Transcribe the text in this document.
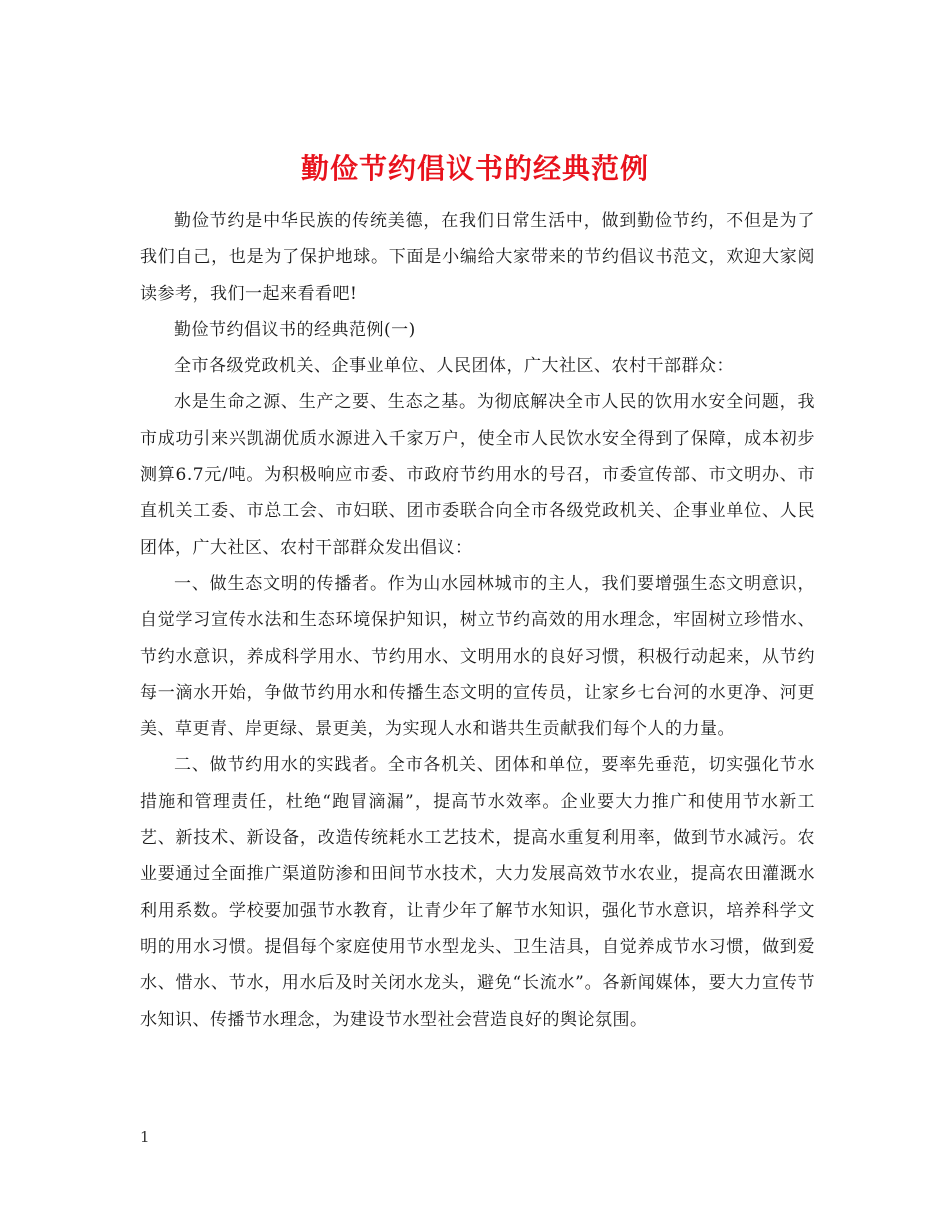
勤俭节约倡议书的经典范例

勤俭节约是中华民族的传统美德，在我们日常生活中，做到勤俭节约，不但是为了我们自己，也是为了保护地球。下面是小编给大家带来的节约倡议书范文，欢迎大家阅读参考，我们一起来看看吧!

勤俭节约倡议书的经典范例(一)

全市各级党政机关、企事业单位、人民团体，广大社区、农村干部群众：

水是生命之源、生产之要、生态之基。为彻底解决全市人民的饮用水安全问题，我市成功引来兴凯湖优质水源进入千家万户，使全市人民饮水安全得到了保障，成本初步测算6.7元/吨。为积极响应市委、市政府节约用水的号召，市委宣传部、市文明办、市直机关工委、市总工会、市妇联、团市委联合向全市各级党政机关、企事业单位、人民团体，广大社区、农村干部群众发出倡议：

一、做生态文明的传播者。作为山水园林城市的主人，我们要增强生态文明意识，自觉学习宣传水法和生态环境保护知识，树立节约高效的用水理念，牢固树立珍惜水、节约水意识，养成科学用水、节约用水、文明用水的良好习惯，积极行动起来，从节约每一滴水开始，争做节约用水和传播生态文明的宣传员，让家乡七台河的水更净、河更美、草更青、岸更绿、景更美，为实现人水和谐共生贡献我们每个人的力量。

二、做节约用水的实践者。全市各机关、团体和单位，要率先垂范，切实强化节水措施和管理责任，杜绝“跑冒滴漏”，提高节水效率。企业要大力推广和使用节水新工艺、新技术、新设备，改造传统耗水工艺技术，提高水重复利用率，做到节水减污。农业要通过全面推广渠道防渗和田间节水技术，大力发展高效节水农业，提高农田灌溉水利用系数。学校要加强节水教育，让青少年了解节水知识，强化节水意识，培养科学文明的用水习惯。提倡每个家庭使用节水型龙头、卫生洁具，自觉养成节水习惯，做到爱水、惜水、节水，用水后及时关闭水龙头，避免“长流水”。各新闻媒体，要大力宣传节水知识、传播节水理念，为建设节水型社会营造良好的舆论氛围。

1
